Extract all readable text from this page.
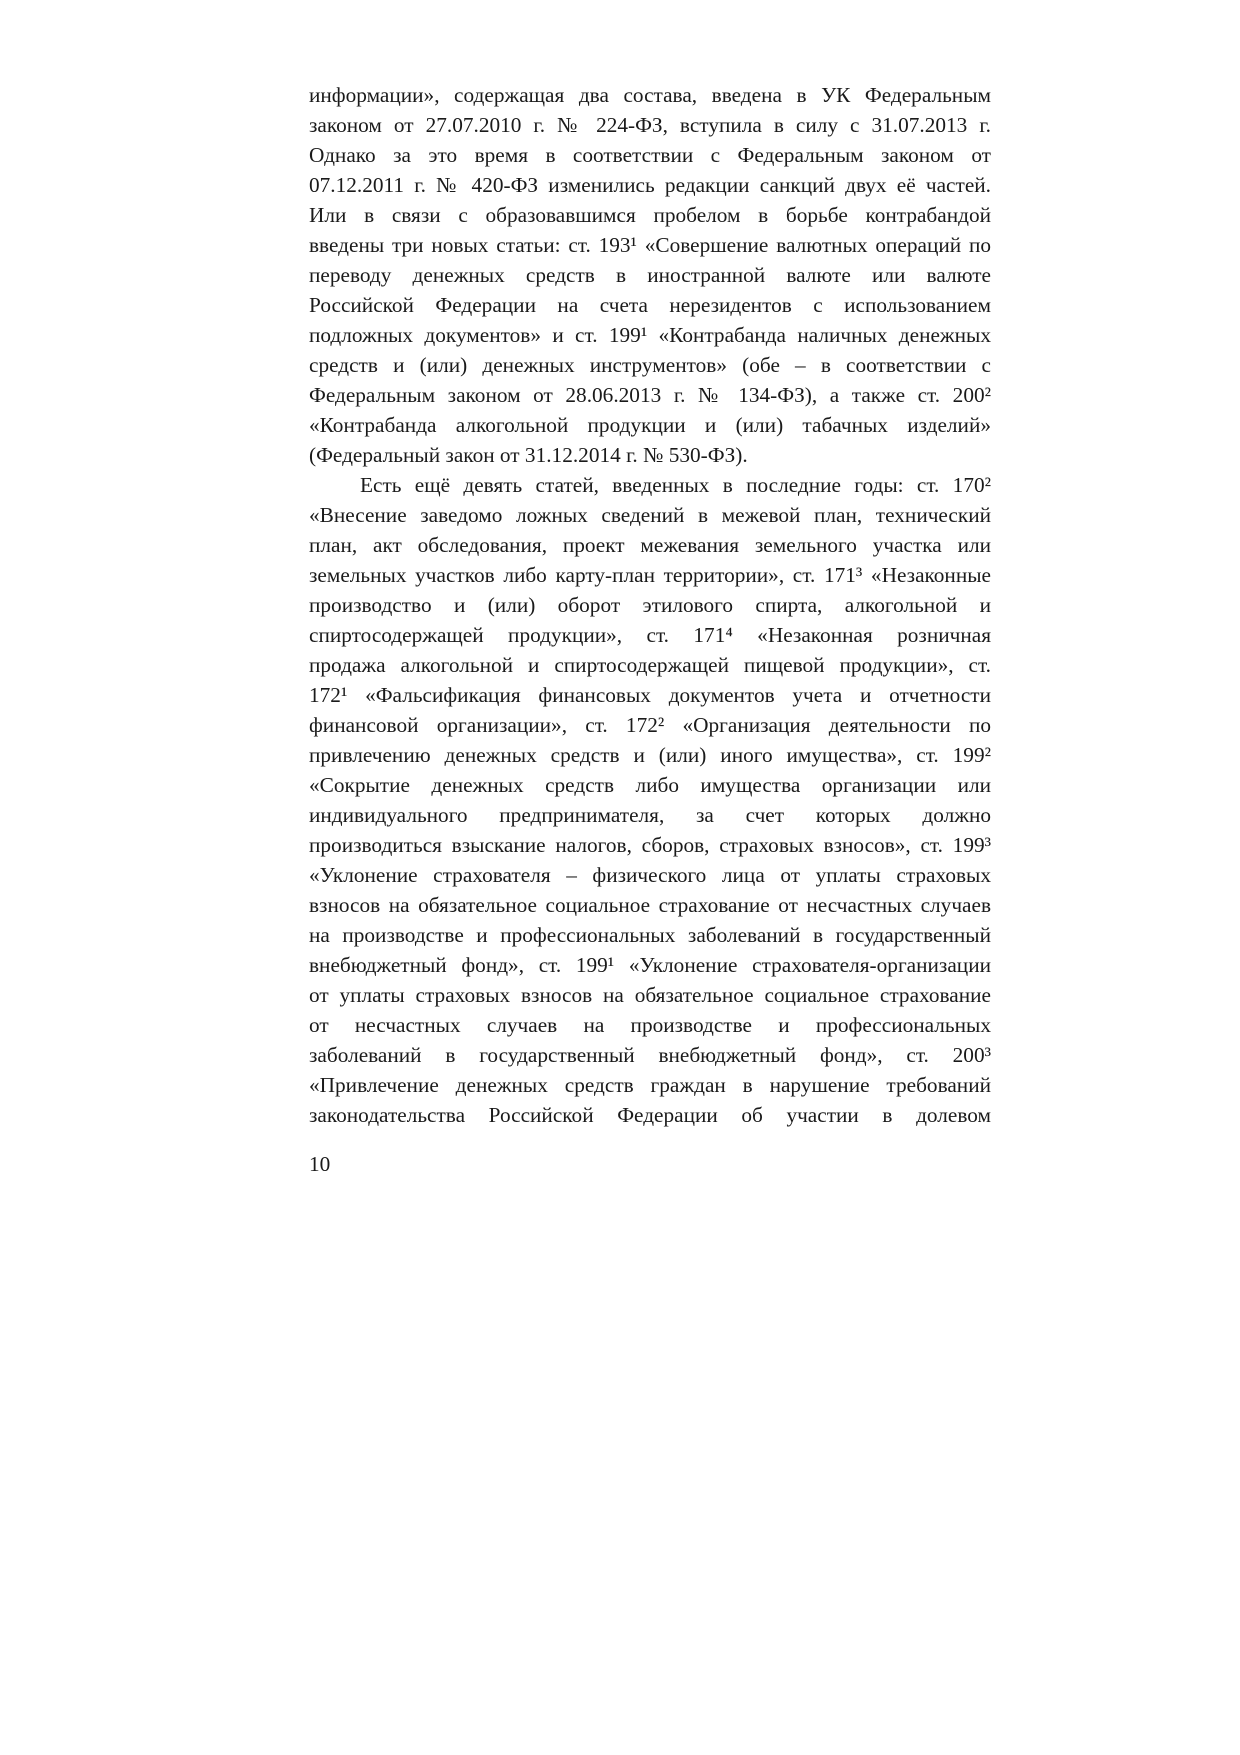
информации», содержащая два состава, введена в УК Федеральным
законом от 27.07.2010 г. № 224-ФЗ, вступила в силу с 31.07.2013 г.
Однако за это время в соответствии с Федеральным законом от
07.12.2011 г. № 420-ФЗ изменились редакции санкций двух её частей.
Или в связи с образовавшимся пробелом в борьбе контрабандой
введены три новых статьи: ст. 193¹ «Совершение валютных операций по
переводу денежных средств в иностранной валюте или валюте
Российской Федерации на счета нерезидентов с использованием
подложных документов» и ст. 199¹ «Контрабанда наличных денежных
средств и (или) денежных инструментов» (обе – в соответствии с
Федеральным законом от 28.06.2013 г. № 134-ФЗ), а также ст. 200²
«Контрабанда алкогольной продукции и (или) табачных изделий»
(Федеральный закон от 31.12.2014 г. № 530-ФЗ).
Есть ещё девять статей, введенных в последние годы: ст. 170²
«Внесение заведомо ложных сведений в межевой план, технический
план, акт обследования, проект межевания земельного участка или
земельных участков либо карту-план территории», ст. 171³ «Незаконные
производство и (или) оборот этилового спирта, алкогольной и
спиртосодержащей продукции», ст. 171⁴ «Незаконная розничная
продажа алкогольной и спиртосодержащей пищевой продукции», ст.
172¹ «Фальсификация финансовых документов учета и отчетности
финансовой организации», ст. 172² «Организация деятельности по
привлечению денежных средств и (или) иного имущества», ст. 199²
«Сокрытие денежных средств либо имущества организации или
индивидуального предпринимателя, за счет которых должно
производиться взыскание налогов, сборов, страховых взносов», ст. 199³
«Уклонение страхователя – физического лица от уплаты страховых
взносов на обязательное социальное страхование от несчастных случаев
на производстве и профессиональных заболеваний в государственный
внебюджетный фонд», ст. 199¹ «Уклонение страхователя-организации
от уплаты страховых взносов на обязательное социальное страхование
от несчастных случаев на производстве и профессиональных
заболеваний в государственный внебюджетный фонд», ст. 200³
«Привлечение денежных средств граждан в нарушение требований
законодательства Российской Федерации об участии в долевом
10
